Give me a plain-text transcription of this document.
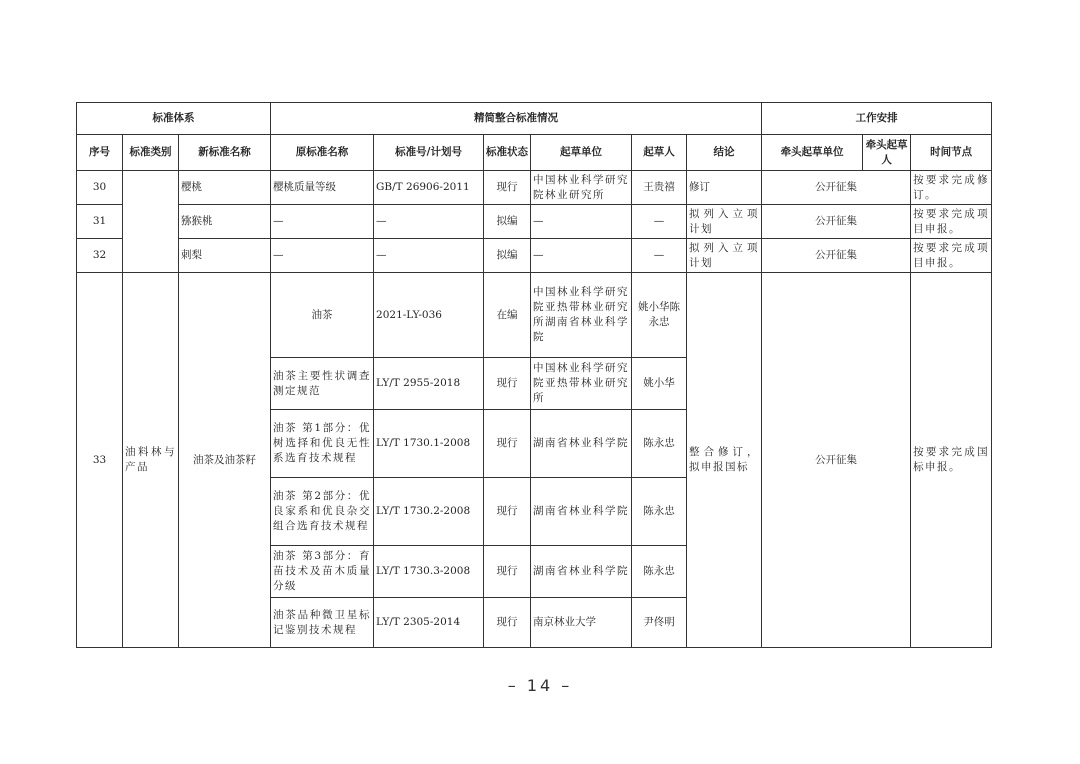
标准体系			精简整合标准情况						工作安排		
序号	标准类别	新标准名称	原标准名称	标准号/计划号	标准状态	起草单位	起草人	结论	牵头起草单位	牵头起草人	时间节点
30		樱桃	樱桃质量等级	GB/T 26906-2011	现行	中国林业科学研究院林业研究所	王贵禧	修订	公开征集		按要求完成修订。
31		猕猴桃	—	—	拟编	—	—	拟列入立项计划	公开征集		按要求完成项目申报。
32		刺梨	—	—	拟编	—	—	拟列入立项计划	公开征集		按要求完成项目申报。
33	油料林与产品	油茶及油茶籽	油茶	2021-LY-036	在编	中国林业科学研究院亚热带林业研究所湖南省林业科学院	姚小华陈永忠	整合修订，拟申报国标	公开征集		按要求完成国标申报。
			油茶主要性状调查测定规范	LY/T 2955-2018	现行	中国林业科学研究院亚热带林业研究所	姚小华				
			油茶 第1部分：优树选择和优良无性系选育技术规程	LY/T 1730.1-2008	现行	湖南省林业科学院	陈永忠				
			油茶 第2部分：优良家系和优良杂交组合选育技术规程	LY/T 1730.2-2008	现行	湖南省林业科学院	陈永忠				
			油茶 第3部分：育苗技术及苗木质量分级	LY/T 1730.3-2008	现行	湖南省林业科学院	陈永忠				
			油茶品种微卫星标记鉴别技术规程	LY/T 2305-2014	现行	南京林业大学	尹佟明				
– 14 –
